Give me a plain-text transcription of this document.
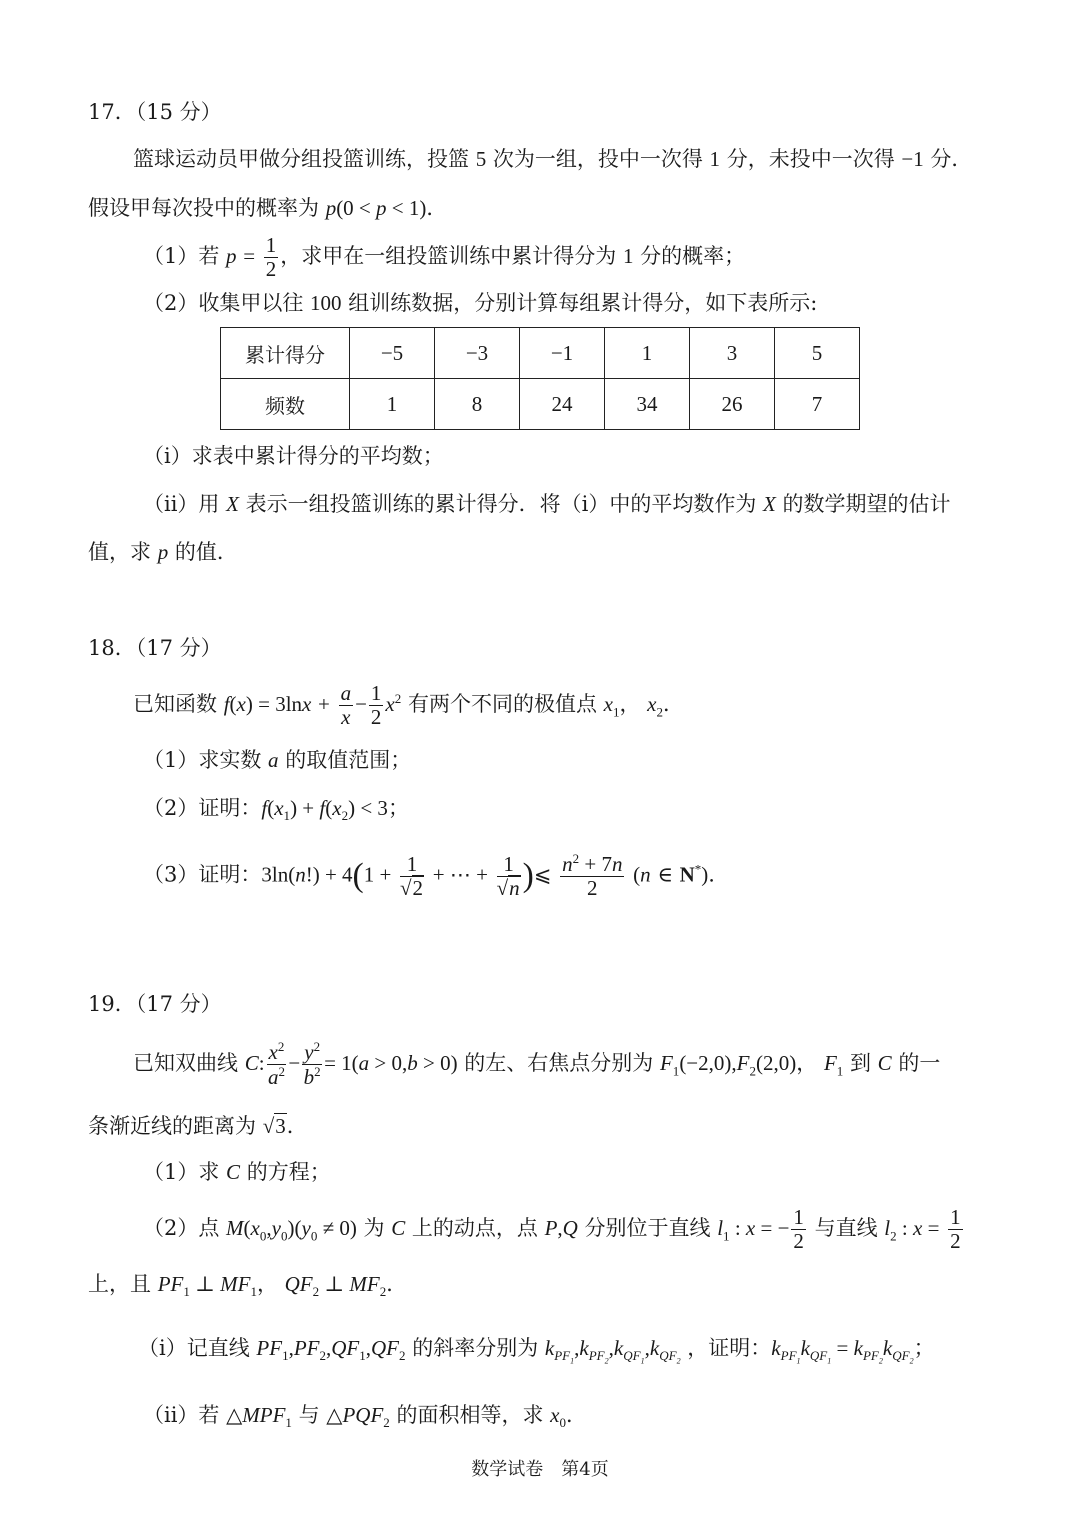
17．（15 分）
篮球运动员甲做分组投篮训练，投篮 5 次为一组，投中一次得 1 分，未投中一次得 −1 分．
假设甲每次投中的概率为 p(0 < p < 1)．
（1）若 $p = \frac{1}{2}$ ，求甲在一组投篮训练中累计得分为 1 分的概率；
（2）收集甲以往 100 组训练数据，分别计算每组累计得分，如下表所示:
累计得分	−5	−3	−1	1	3	5
频数	1	8	24	34	26	7
（i）求表中累计得分的平均数；
（ii）用 X 表示一组投篮训练的累计得分．将（i）中的平均数作为 X 的数学期望的估计
值，求 p 的值．
18．（17 分）
已知函数 $f(x) = 3\ln x + \frac{a}{x} - \frac{1}{2} x^2$ 有两个不同的极值点 $x_1$， $x_2$．
（1）求实数 a 的取值范围；
（2）证明：$f(x_1) + f(x_2) < 3$；
（3）证明：$3\ln(n!) + 4(1 + \frac{1}{√2}$ + ⋯ + $\frac{1}{√n}$ )⩽ $\frac{n^2 + 7n}{2} (n$ ∈ N*).
19．（17 分）
已知双曲线 C: $\frac{x^2}{a^2} - \frac{y^2}{b^2} = 1(a > 0,b > 0)$ 的左、右焦点分别为 $F_1(-2,0),F_2(2,0)$， $F_1$ 到 C 的一
条渐近线的距离为 √3．
（1）求 C 的方程；
（2）点 $M(x_0,y_0)(y_0 \ne 0)$ 为 C 上的动点，点 P,Q 分别位于直线 $l_1$ : x = − $\frac{1}{2}$ 与直线 $l_2$ : $x = \frac{1}{2}$
上，且 $PF_1$ ⊥ $MF_1$， $QF_2$ ⊥ $MF_2$．
（i）记直线 $PF_1,PF_2,QF_1,QF_2$ 的斜率分别为 $k_{PF_1},k_{PF_2},k_{QF_1},k_{QF_2}$ ，证明：$k_{PF_1}k_{QF_1} = k_{PF_2}k_{QF_2}$；
（ii）若 $\triangle MPF_1$ 与 $\triangle PQF_2$ 的面积相等，求 $x_0$．
数学试卷　第4页
